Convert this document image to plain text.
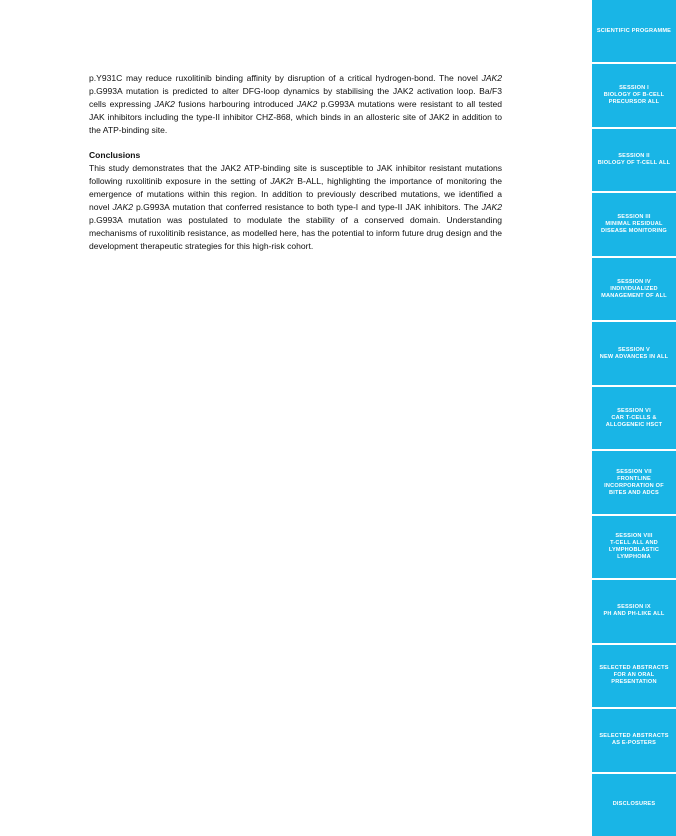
p.Y931C may reduce ruxolitinib binding affinity by disruption of a critical hydrogen-bond. The novel JAK2 p.G993A mutation is predicted to alter DFG-loop dynamics by stabilising the JAK2 activation loop. Ba/F3 cells expressing JAK2 fusions harbouring introduced JAK2 p.G993A mutations were resistant to all tested JAK inhibitors including the type-II inhibitor CHZ-868, which binds in an allosteric site of JAK2 in addition to the ATP-binding site.

Conclusions

This study demonstrates that the JAK2 ATP-binding site is susceptible to JAK inhibitor resistant mutations following ruxolitinib exposure in the setting of JAK2r B-ALL, highlighting the importance of monitoring the emergence of mutations within this region. In addition to previously described mutations, we identified a novel JAK2 p.G993A mutation that conferred resistance to both type-I and type-II JAK inhibitors. The JAK2 p.G993A mutation was postulated to modulate the stability of a conserved domain. Understanding mechanisms of ruxolitinib resistance, as modelled here, has the potential to inform future drug design and the development therapeutic strategies for this high-risk cohort.

SCIENTIFIC PROGRAMME
SESSION I
BIOLOGY OF B-CELL
PRECURSOR ALL
SESSION II
BIOLOGY OF T-CELL ALL
SESSION III
MINIMAL RESIDUAL
DISEASE MONITORING
SESSION IV
INDIVIDUALIZED
MANAGEMENT OF ALL
SESSION V
NEW ADVANCES IN ALL
SESSION VI
CAR T-CELLS &
ALLOGENEIC HSCT
SESSION VII
FRONTLINE
INCORPORATION OF
BITES AND ADCS
SESSION VIII
T-CELL ALL AND
LYMPHOBLASTIC
LYMPHOMA
SESSION IX
PH AND PH-LIKE ALL
SELECTED ABSTRACTS
FOR AN ORAL
PRESENTATION
SELECTED ABSTRACTS
AS E-POSTERS
DISCLOSURES
